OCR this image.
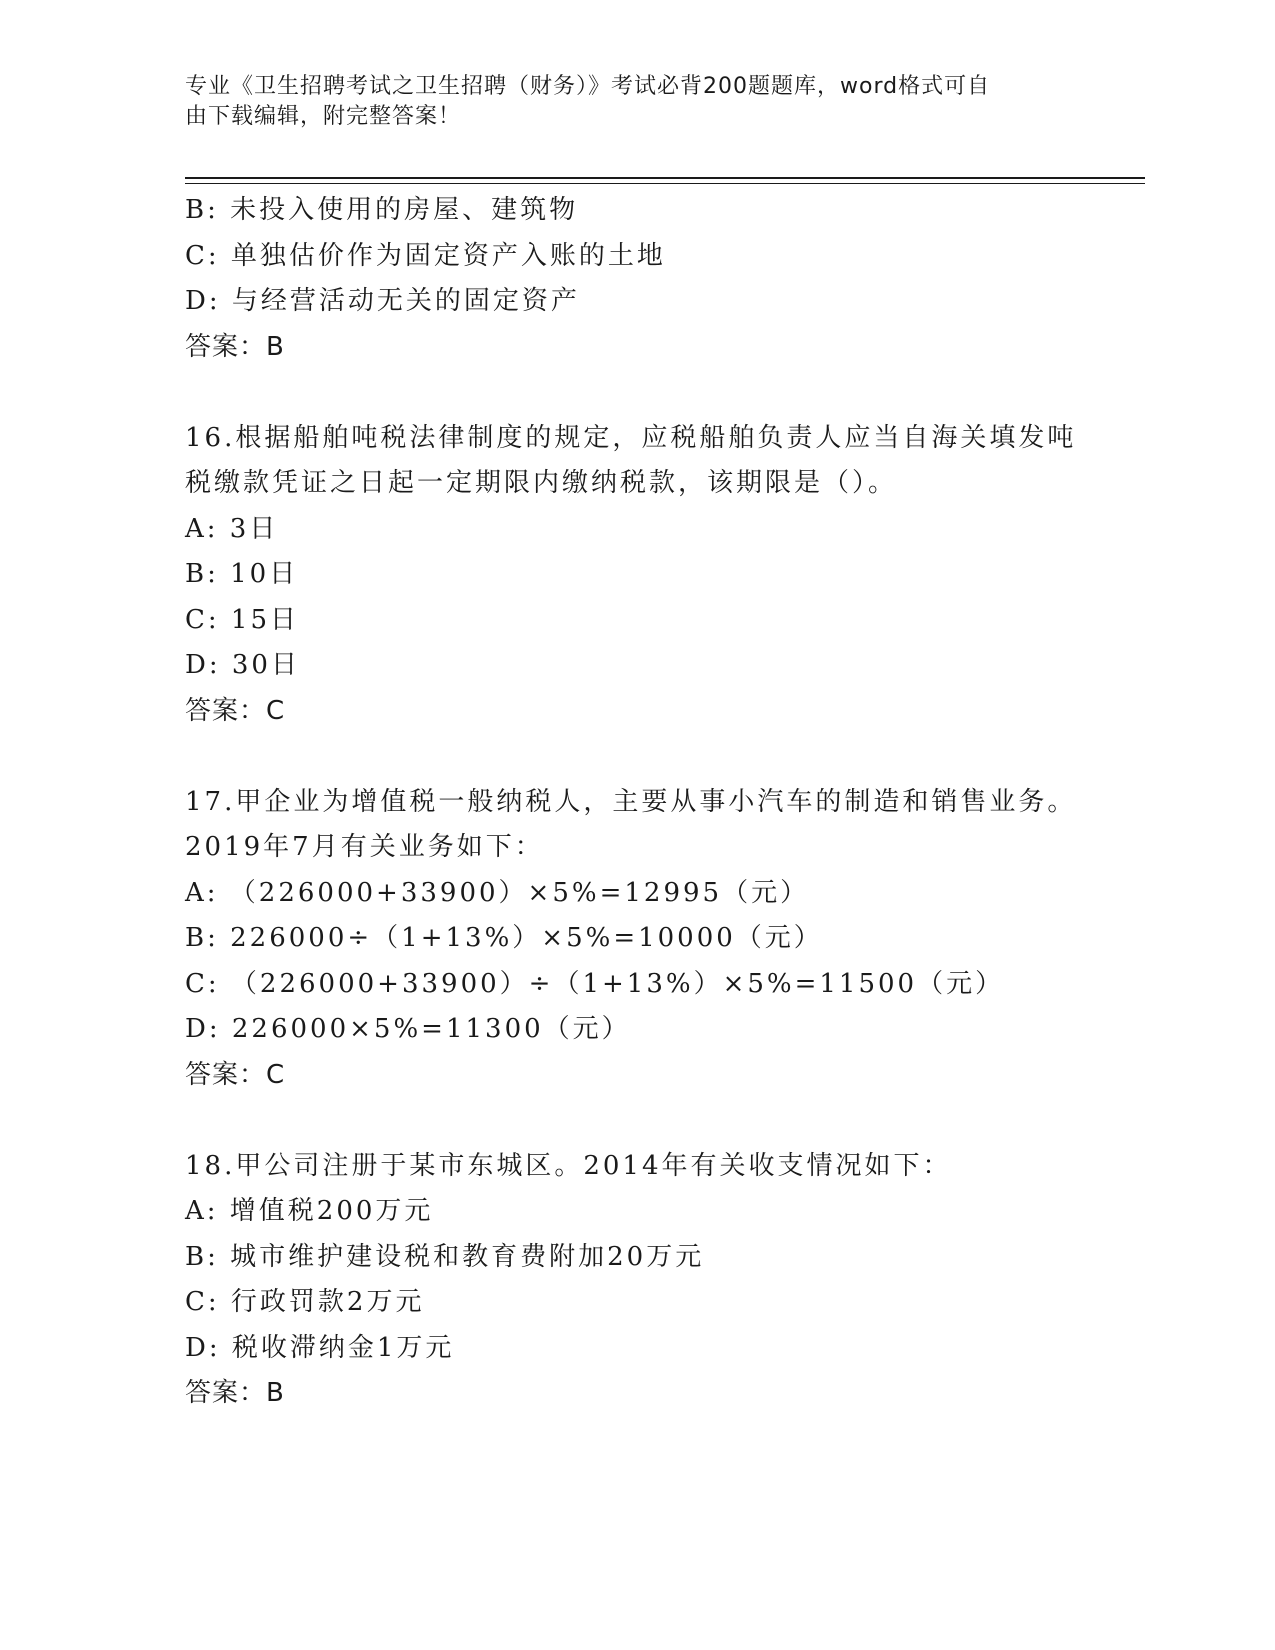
专业《卫生招聘考试之卫生招聘（财务）》考试必背200题题库，word格式可自
由下载编辑，附完整答案！
B: 未投入使用的房屋、建筑物
C: 单独估价作为固定资产入账的土地
D: 与经营活动无关的固定资产
答案：B
16.根据船舶吨税法律制度的规定，应税船舶负责人应当自海关填发吨
税缴款凭证之日起一定期限内缴纳税款，该期限是（）。
A: 3日
B: 10日
C: 15日
D: 30日
答案：C
17.甲企业为增值税一般纳税人，主要从事小汽车的制造和销售业务。
2019年7月有关业务如下：
A: （226000+33900）×5%=12995（元）
B: 226000÷（1+13%）×5%=10000（元）
C: （226000+33900）÷（1+13%）×5%=11500（元）
D: 226000×5%=11300（元）
答案：C
18.甲公司注册于某市东城区。2014年有关收支情况如下：
A: 增值税200万元
B: 城市维护建设税和教育费附加20万元
C: 行政罚款2万元
D: 税收滞纳金1万元
答案：B
